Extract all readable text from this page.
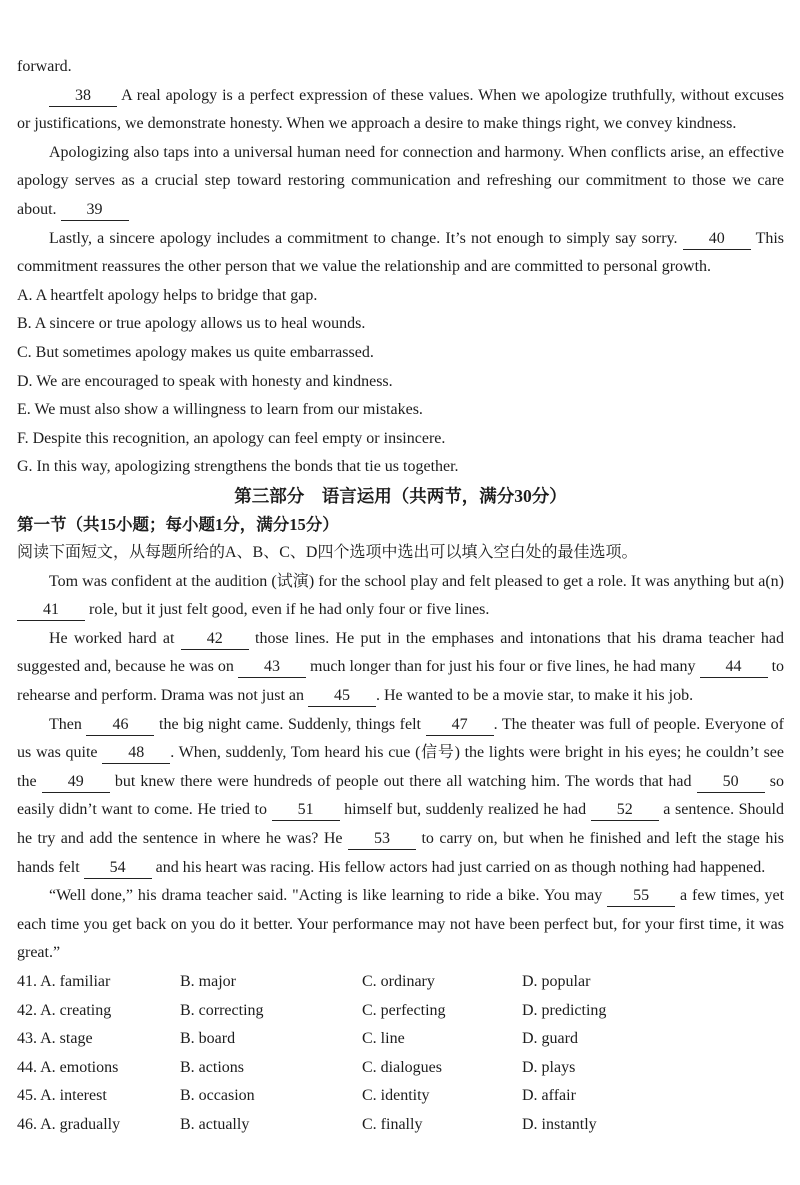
forward.
38 A real apology is a perfect expression of these values. When we apologize truthfully, without excuses or justifications, we demonstrate honesty. When we approach a desire to make things right, we convey kindness.
Apologizing also taps into a universal human need for connection and harmony. When conflicts arise, an effective apology serves as a crucial step toward restoring communication and refreshing our commitment to those we care about. 39
Lastly, a sincere apology includes a commitment to change. It’s not enough to simply say sorry. 40 This commitment reassures the other person that we value the relationship and are committed to personal growth.
A. A heartfelt apology helps to bridge that gap.
B. A sincere or true apology allows us to heal wounds.
C. But sometimes apology makes us quite embarrassed.
D. We are encouraged to speak with honesty and kindness.
E. We must also show a willingness to learn from our mistakes.
F. Despite this recognition, an apology can feel empty or insincere.
G. In this way, apologizing strengthens the bonds that tie us together.
第三部分　语言运用（共两节，满分30分）
第一节（共15小题；每小题1分，满分15分）
阅读下面短文，从每题所给的A、B、C、D四个选项中选出可以填入空白处的最佳选项。
Tom was confident at the audition (试演) for the school play and felt pleased to get a role. It was anything but a(n) 41 role, but it just felt good, even if he had only four or five lines.
He worked hard at 42 those lines. He put in the emphases and intonations that his drama teacher had suggested and, because he was on 43 much longer than for just his four or five lines, he had many 44 to rehearse and perform. Drama was not just an 45 . He wanted to be a movie star, to make it his job.
Then 46 the big night came. Suddenly, things felt 47 . The theater was full of people. Everyone of us was quite 48 . When, suddenly, Tom heard his cue (信号) the lights were bright in his eyes; he couldn’t see the 49 but knew there were hundreds of people out there all watching him. The words that had 50 so easily didn’t want to come. He tried to 51 himself but, suddenly realized he had 52 a sentence. Should he try and add the sentence in where he was? He 53 to carry on, but when he finished and left the stage his hands felt 54 and his heart was racing. His fellow actors had just carried on as though nothing had happened.
“Well done,” his drama teacher said. "Acting is like learning to ride a bike. You may 55 a few times, yet each time you get back on you do it better. Your performance may not have been perfect but, for your first time, it was great.”
41. A. familiar	B. major	C. ordinary	D. popular
42. A. creating	B. correcting	C. perfecting	D. predicting
43. A. stage	B. board	C. line	D. guard
44. A. emotions	B. actions	C. dialogues	D. plays
45. A. interest	B. occasion	C. identity	D. affair
46. A. gradually	B. actually	C. finally	D. instantly
